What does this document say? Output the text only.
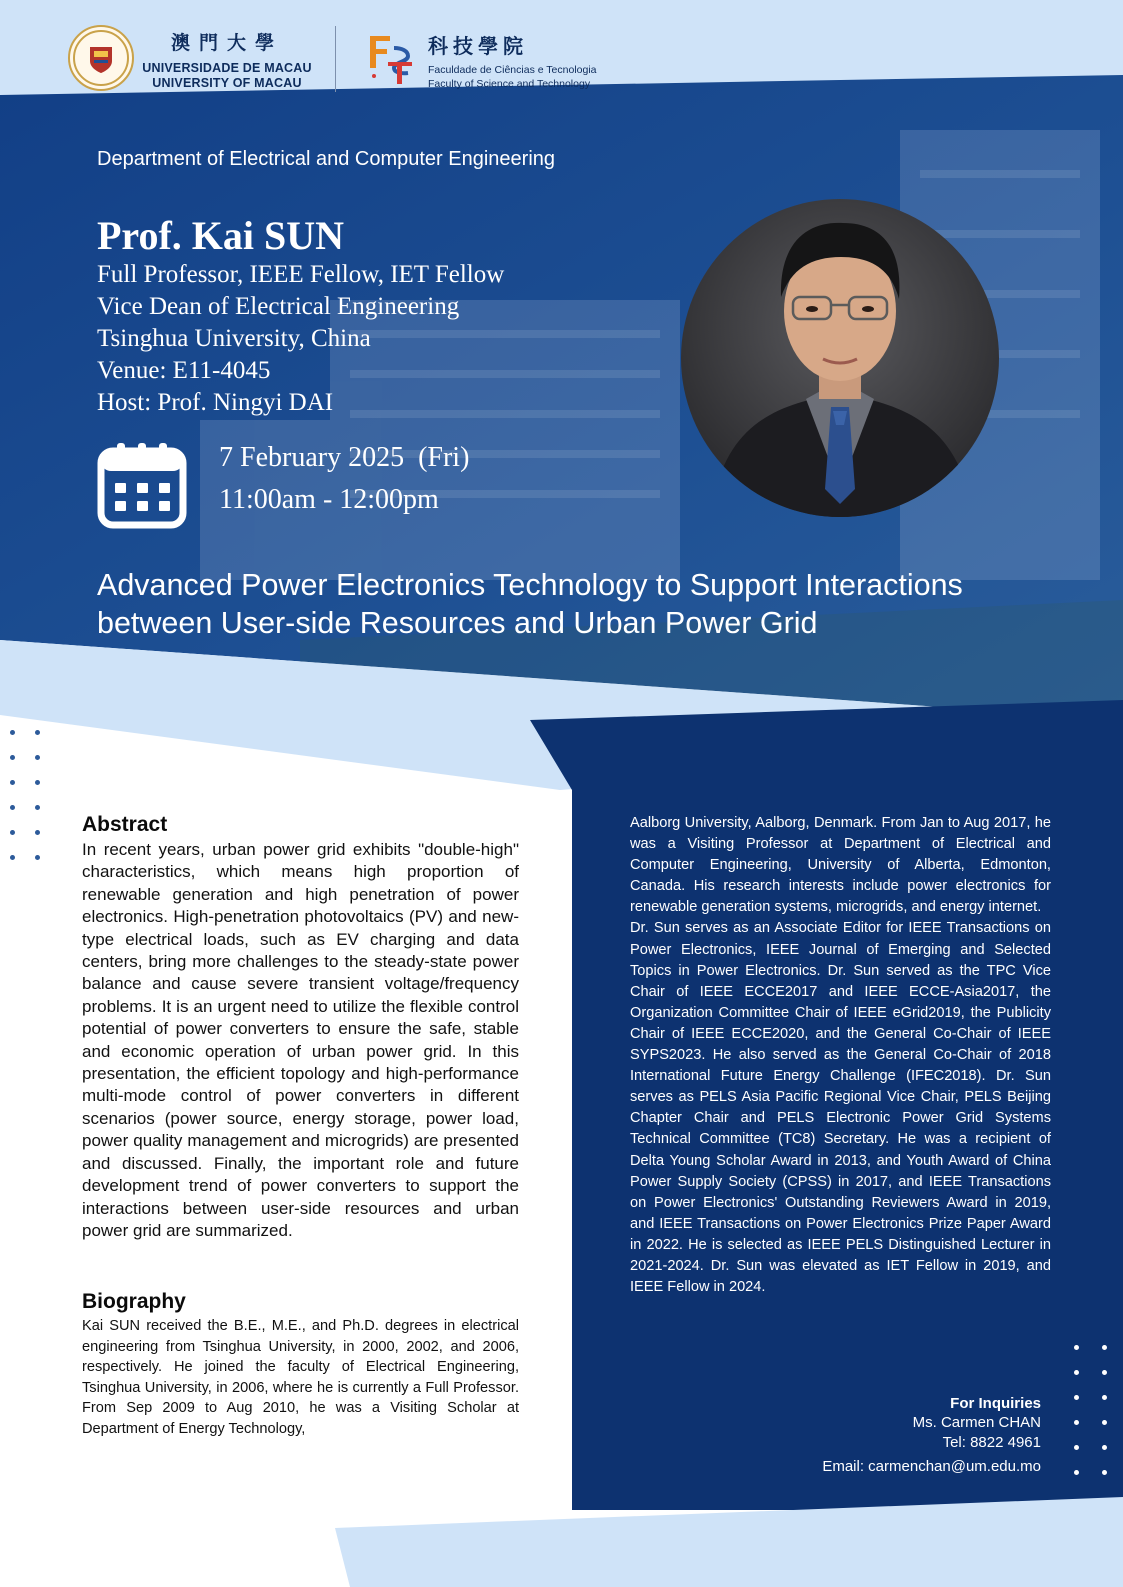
澳門大學
UNIVERSIDADE DE MACAU
UNIVERSITY OF MACAU
科技學院
Faculdade de Ciências e Tecnologia
Faculty of Science and Technology
Department of Electrical and Computer Engineering
Prof. Kai SUN
Full Professor, IEEE Fellow, IET Fellow
Vice Dean of Electrical Engineering
Tsinghua University, China
Venue: E11-4045
Host: Prof. Ningyi DAI
7 February 2025  (Fri)
11:00am - 12:00pm
Advanced Power Electronics Technology to Support Interactions
between User-side Resources and Urban Power Grid
Abstract
In recent years, urban power grid exhibits "double-high" characteristics, which means high proportion of renewable generation and high penetration of power electronics. High-penetration photovoltaics (PV) and new-type electrical loads, such as EV charging and data centers, bring more challenges to the steady-state power balance and cause severe transient voltage/frequency problems. It is an urgent need to utilize the flexible control potential of power converters to ensure the safe, stable and economic operation of urban power grid. In this presentation, the efficient topology and high-performance multi-mode control of power converters in different scenarios (power source, energy storage, power load, power quality management and microgrids) are presented and discussed. Finally, the important role and future development trend of power converters to support the interactions between user-side resources and urban power grid are summarized.
Biography
Kai SUN received the B.E., M.E., and Ph.D. degrees in electrical engineering from Tsinghua University, in 2000, 2002, and 2006, respectively. He joined the faculty of Electrical Engineering, Tsinghua University, in 2006, where he is currently a Full Professor. From Sep 2009 to Aug 2010, he was a Visiting Scholar at Department of Energy Technology,

Aalborg University, Aalborg, Denmark. From Jan to Aug 2017, he was a Visiting Professor at Department of Electrical and Computer Engineering, University of Alberta, Edmonton, Canada. His research interests include power electronics for renewable generation systems, microgrids, and energy internet.

Dr. Sun serves as an Associate Editor for IEEE Transactions on Power Electronics, IEEE Journal of Emerging and Selected Topics in Power Electronics. Dr. Sun served as the TPC Vice Chair of IEEE ECCE2017 and IEEE ECCE-Asia2017, the Organization Committee Chair of IEEE eGrid2019, the Publicity Chair of IEEE ECCE2020, and the General Co-Chair of IEEE SYPS2023. He also served as the General Co-Chair of 2018 International Future Energy Challenge (IFEC2018). Dr. Sun serves as PELS Asia Pacific Regional Vice Chair, PELS Beijing Chapter Chair and PELS Electronic Power Grid Systems Technical Committee (TC8) Secretary. He was a recipient of Delta Young Scholar Award in 2013, and Youth Award of China Power Supply Society (CPSS) in 2017, and IEEE Transactions on Power Electronics' Outstanding Reviewers Award in 2019, and IEEE Transactions on Power Electronics Prize Paper Award in 2022. He is selected as IEEE PELS Distinguished Lecturer in 2021-2024. Dr. Sun was elevated as IET Fellow in 2019, and IEEE Fellow in 2024.

For Inquiries
Ms. Carmen CHAN
Tel: 8822 4961
Email: carmenchan@um.edu.mo
